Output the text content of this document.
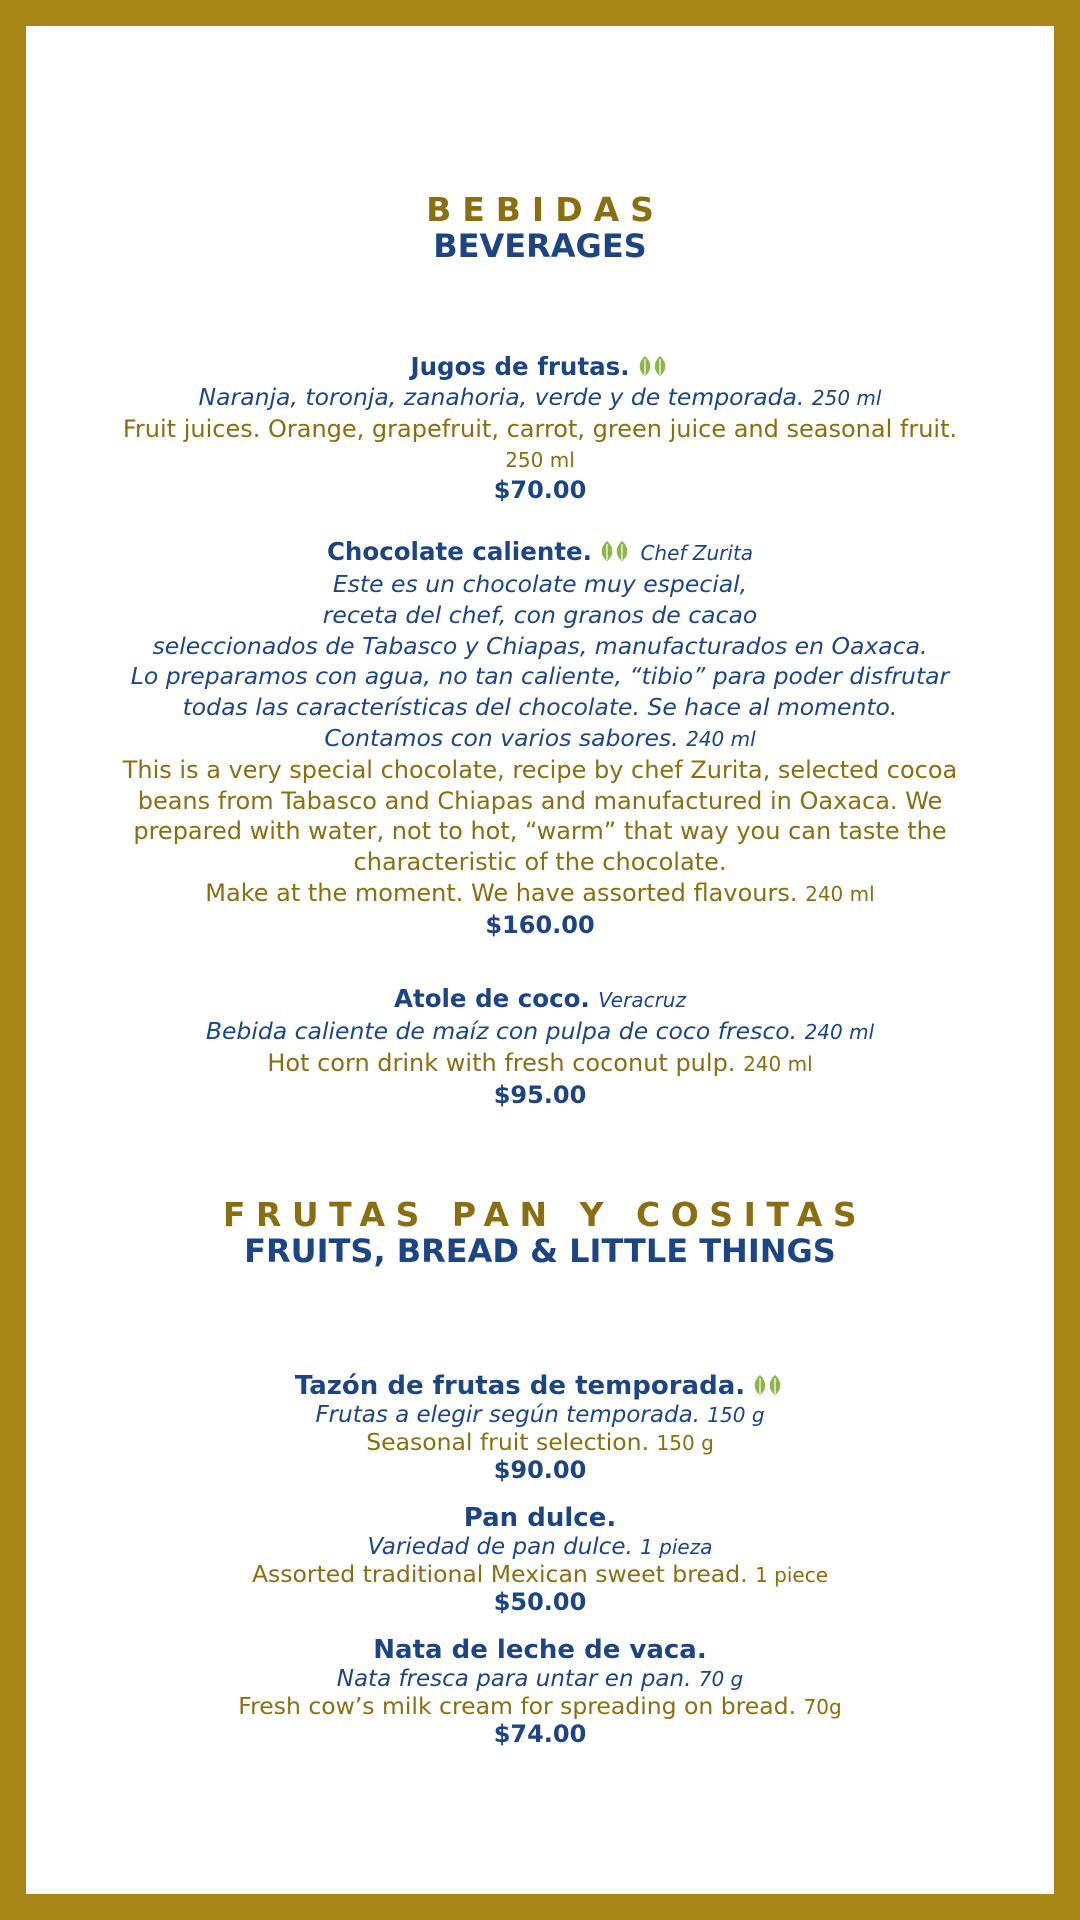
BEBIDAS
BEVERAGES
Jugos de frutas.
Naranja, toronja, zanahoria, verde y de temporada. 250 ml
Fruit juices. Orange, grapefruit, carrot, green juice and seasonal fruit.
250 ml
$70.00
Chocolate caliente. Chef Zurita
Este es un chocolate muy especial,
receta del chef, con granos de cacao
seleccionados de Tabasco y Chiapas, manufacturados en Oaxaca.
Lo preparamos con agua, no tan caliente, “tibio” para poder disfrutar
todas las características del chocolate. Se hace al momento.
Contamos con varios sabores. 240 ml
This is a very special chocolate, recipe by chef Zurita, selected cocoa
beans from Tabasco and Chiapas and manufactured in Oaxaca. We
prepared with water, not to hot, “warm” that way you can taste the
characteristic of the chocolate.
Make at the moment. We have assorted flavours. 240 ml
$160.00
Atole de coco. Veracruz
Bebida caliente de maíz con pulpa de coco fresco. 240 ml
Hot corn drink with fresh coconut pulp. 240 ml
$95.00
FRUTAS PAN Y COSITAS
FRUITS, BREAD & LITTLE THINGS
Tazón de frutas de temporada.
Frutas a elegir según temporada. 150 g
Seasonal fruit selection. 150 g
$90.00
Pan dulce.
Variedad de pan dulce. 1 pieza
Assorted traditional Mexican sweet bread. 1 piece
$50.00
Nata de leche de vaca.
Nata fresca para untar en pan. 70 g
Fresh cow’s milk cream for spreading on bread. 70g
$74.00
